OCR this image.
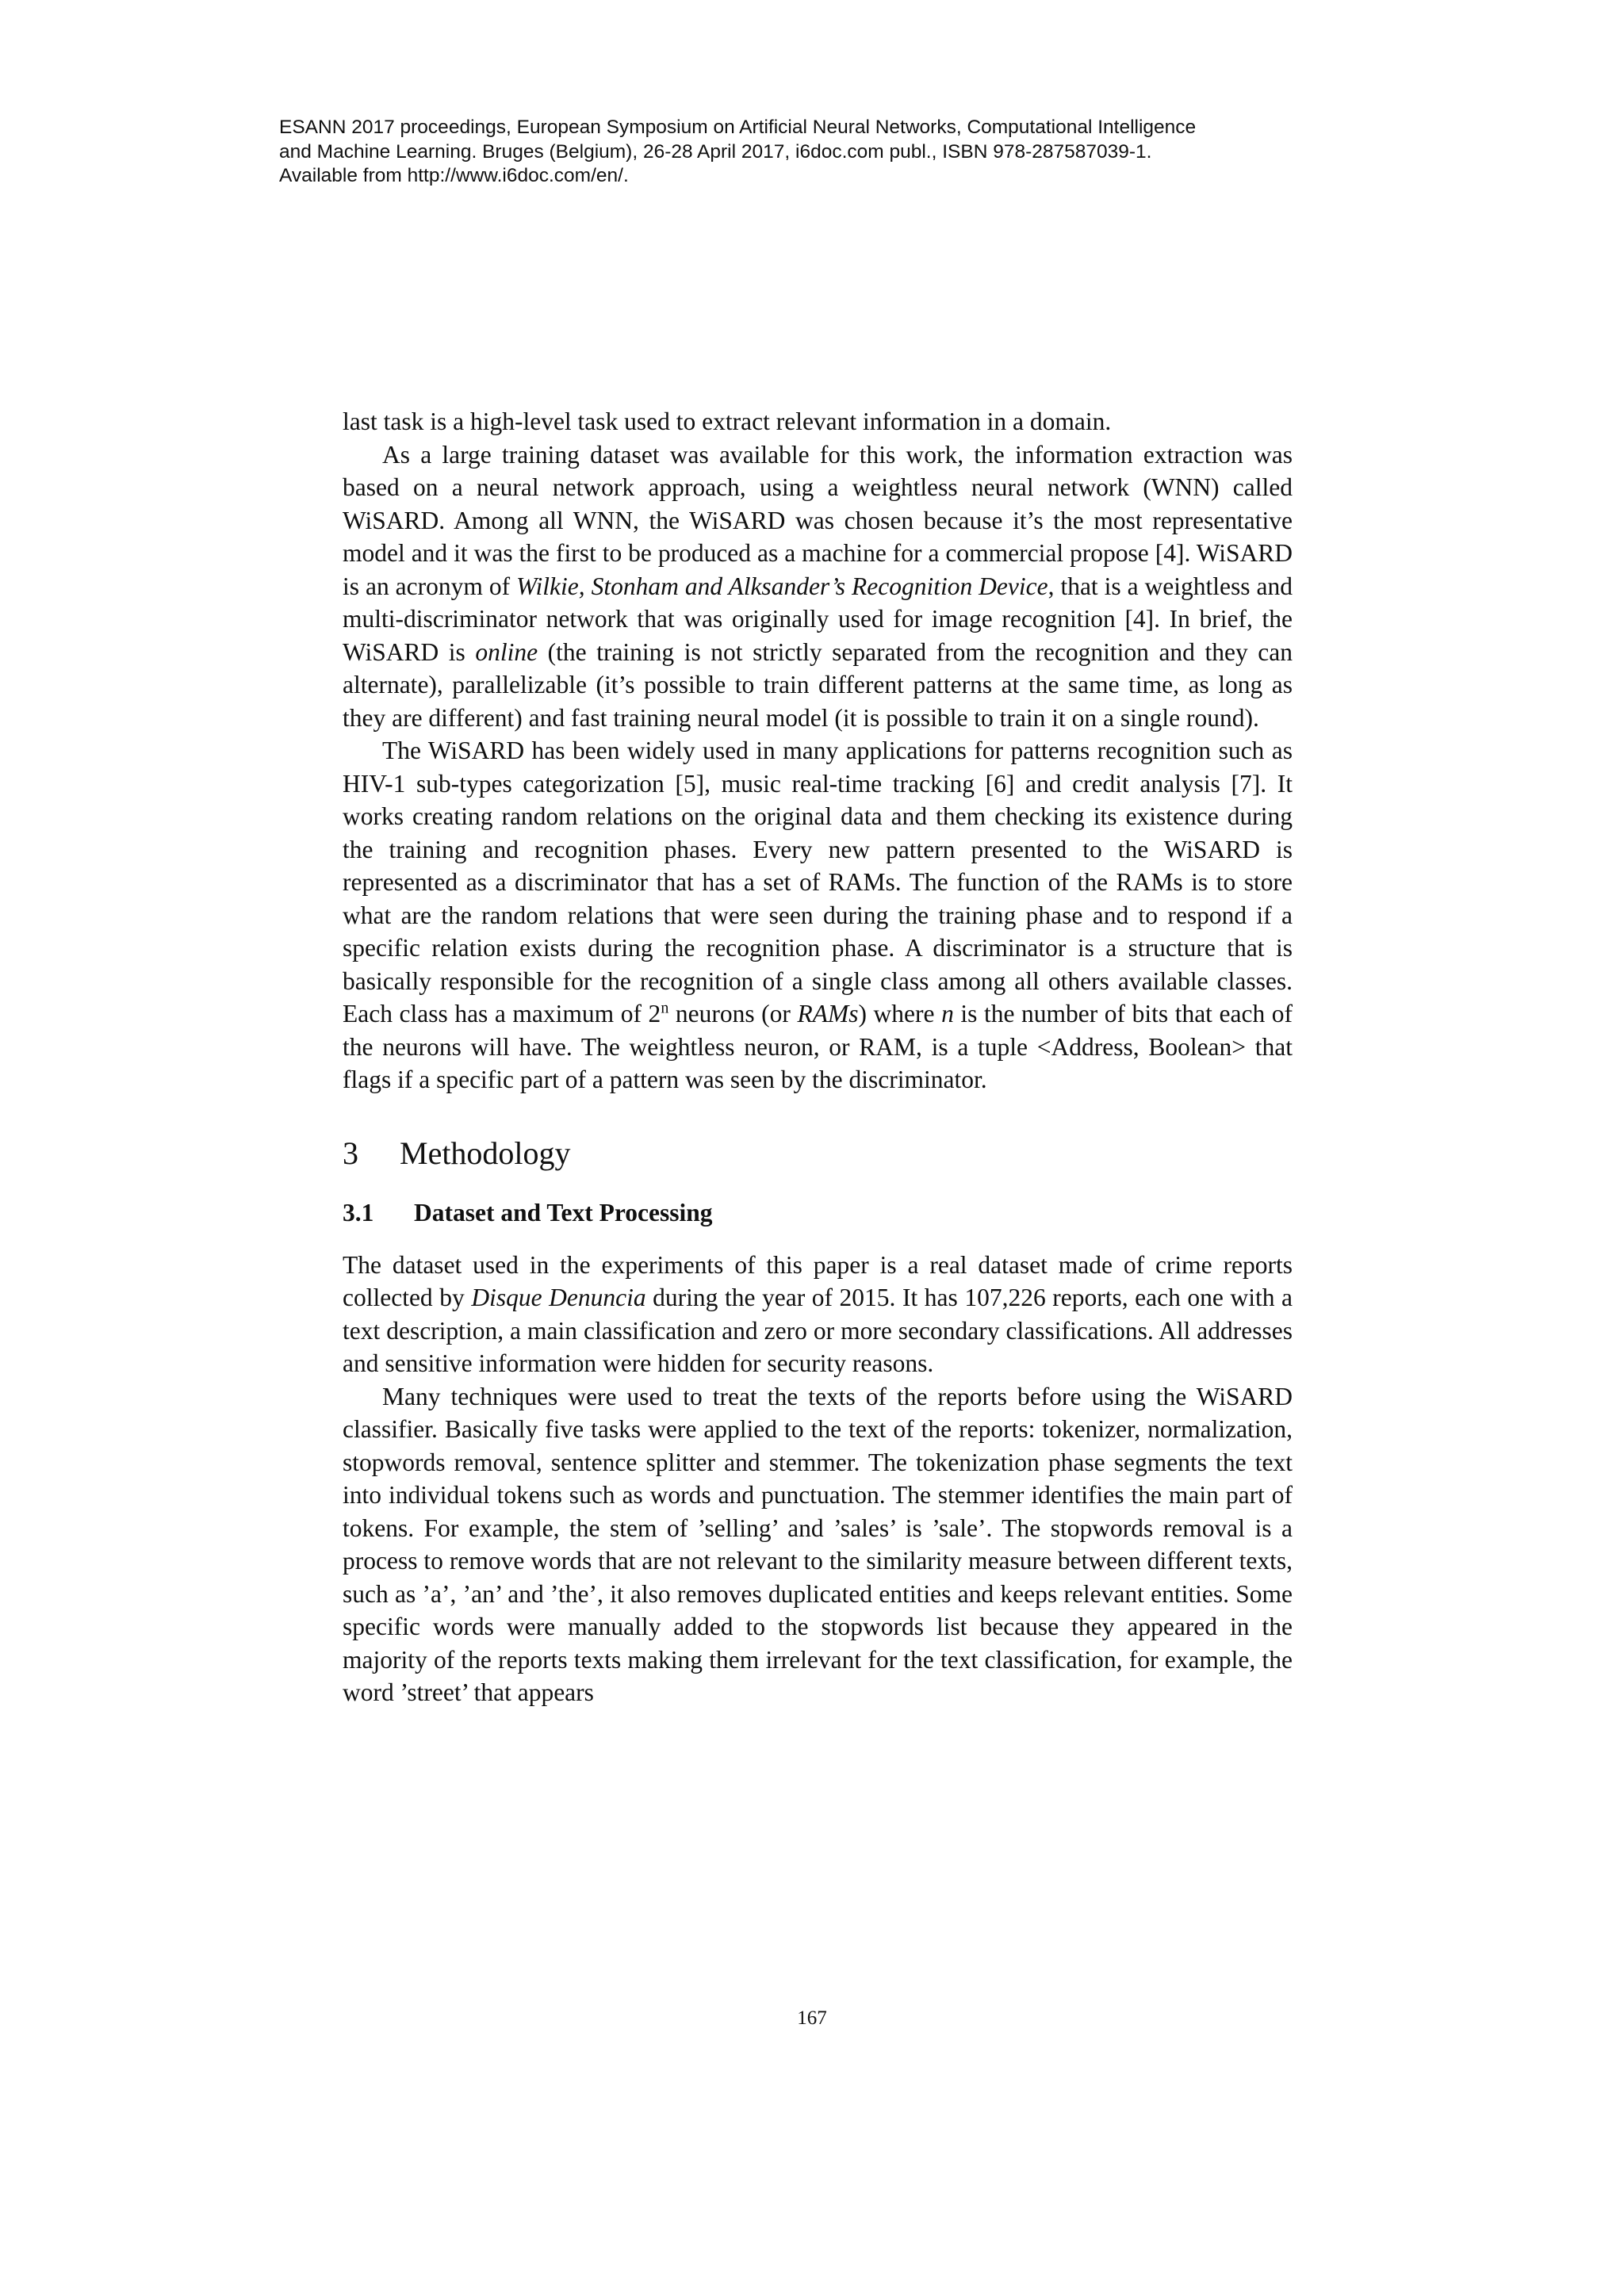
ESANN 2017 proceedings, European Symposium on Artificial Neural Networks, Computational Intelligence
and Machine Learning. Bruges (Belgium), 26-28 April 2017, i6doc.com publ., ISBN 978-287587039-1.
Available from http://www.i6doc.com/en/.

last task is a high-level task used to extract relevant information in a domain.

As a large training dataset was available for this work, the information extraction was based on a neural network approach, using a weightless neural network (WNN) called WiSARD. Among all WNN, the WiSARD was chosen because it’s the most representative model and it was the first to be produced as a machine for a commercial propose [4]. WiSARD is an acronym of Wilkie, Stonham and Alksander’s Recognition Device, that is a weightless and multi-discriminator network that was originally used for image recognition [4]. In brief, the WiSARD is online (the training is not strictly separated from the recognition and they can alternate), parallelizable (it’s possible to train different patterns at the same time, as long as they are different) and fast training neural model (it is possible to train it on a single round).

The WiSARD has been widely used in many applications for patterns recognition such as HIV-1 sub-types categorization [5], music real-time tracking [6] and credit analysis [7]. It works creating random relations on the original data and them checking its existence during the training and recognition phases. Every new pattern presented to the WiSARD is represented as a discriminator that has a set of RAMs. The function of the RAMs is to store what are the random relations that were seen during the training phase and to respond if a specific relation exists during the recognition phase. A discriminator is a structure that is basically responsible for the recognition of a single class among all others available classes. Each class has a maximum of 2$^n$ neurons (or RAMs) where n is the number of bits that each of the neurons will have. The weightless neuron, or RAM, is a tuple <Address, Boolean> that flags if a specific part of a pattern was seen by the discriminator.

3	Methodology
3.1	Dataset and Text Processing

The dataset used in the experiments of this paper is a real dataset made of crime reports collected by Disque Denuncia during the year of 2015. It has 107,226 reports, each one with a text description, a main classification and zero or more secondary classifications. All addresses and sensitive information were hidden for security reasons.

Many techniques were used to treat the texts of the reports before using the WiSARD classifier. Basically five tasks were applied to the text of the reports: tokenizer, normalization, stopwords removal, sentence splitter and stemmer. The tokenization phase segments the text into individual tokens such as words and punctuation. The stemmer identifies the main part of tokens. For example, the stem of ’selling’ and ’sales’ is ’sale’. The stopwords removal is a process to remove words that are not relevant to the similarity measure between different texts, such as ’a’, ’an’ and ’the’, it also removes duplicated entities and keeps relevant entities. Some specific words were manually added to the stopwords list because they appeared in the majority of the reports texts making them irrelevant for the text classification, for example, the word ’street’ that appears

167
